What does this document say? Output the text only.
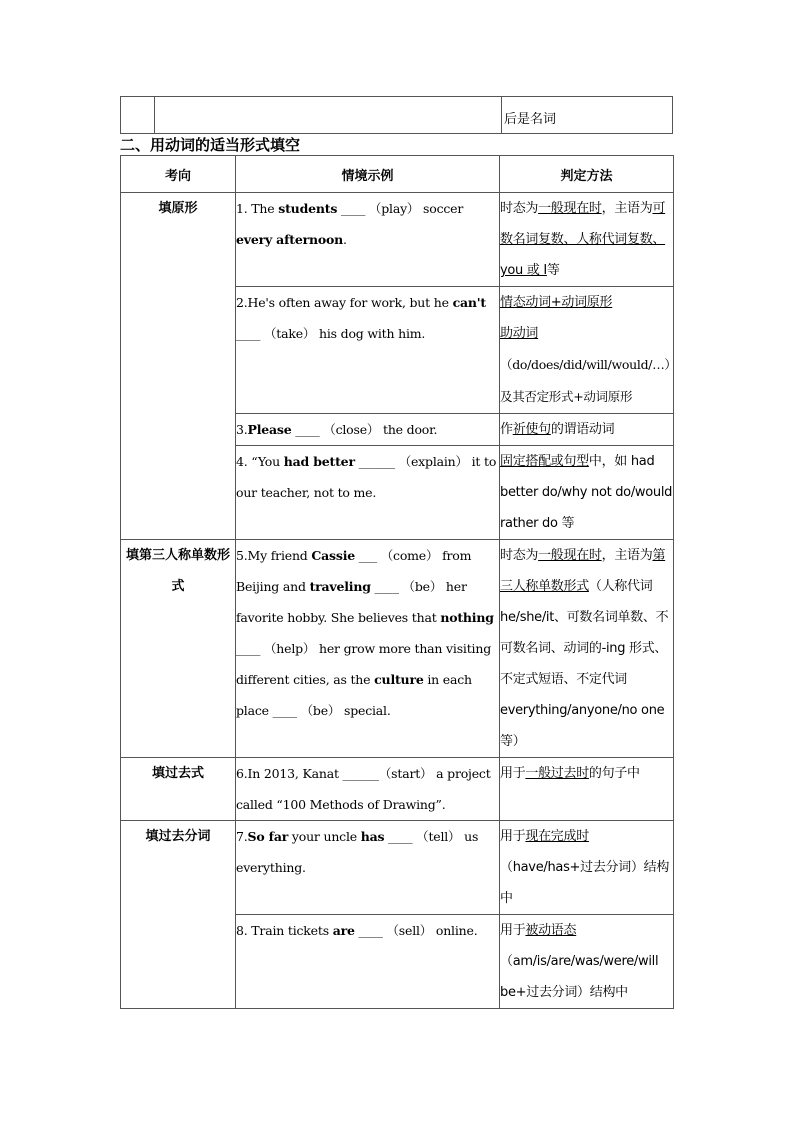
		后是名词
二、用动词的适当形式填空
考向	情境示例	判定方法
填原形	1. The students ____ （play） soccer every afternoon.	时态为一般现在时，主语为可数名词复数、人称代词复数、you 或 I等
	2.He's often away for work, but he can't ____ （take） his dog with him.	情态动词+动词原形
助动词（do/does/did/will/would/…）及其否定形式+动词原形
	3.Please ____ （close） the door.	作祈使句的谓语动词
	4. “You had better ______ （explain） it to our teacher, not to me.	固定搭配或句型中，如 had better do/why not do/would rather do 等
填第三人称单数形式	5.My friend Cassie ___ （come） from Beijing and traveling ____ （be） her favorite hobby. She believes that nothing ____ （help） her grow more than visiting different cities, as the culture in each place ____ （be） special.	时态为一般现在时，主语为第三人称单数形式（人称代词 he/she/it、可数名词单数、不可数名词、动词的-ing 形式、不定式短语、不定代词 everything/anyone/no one 等）
填过去式	6.In 2013, Kanat ______（start） a project called “100 Methods of Drawing”.	用于一般过去时的句子中
填过去分词	7.So far your uncle has ____ （tell） us everything.	用于现在完成时（have/has+过去分词）结构中
	8. Train tickets are ____ （sell） online.	用于被动语态（am/is/are/was/were/will be+过去分词）结构中
